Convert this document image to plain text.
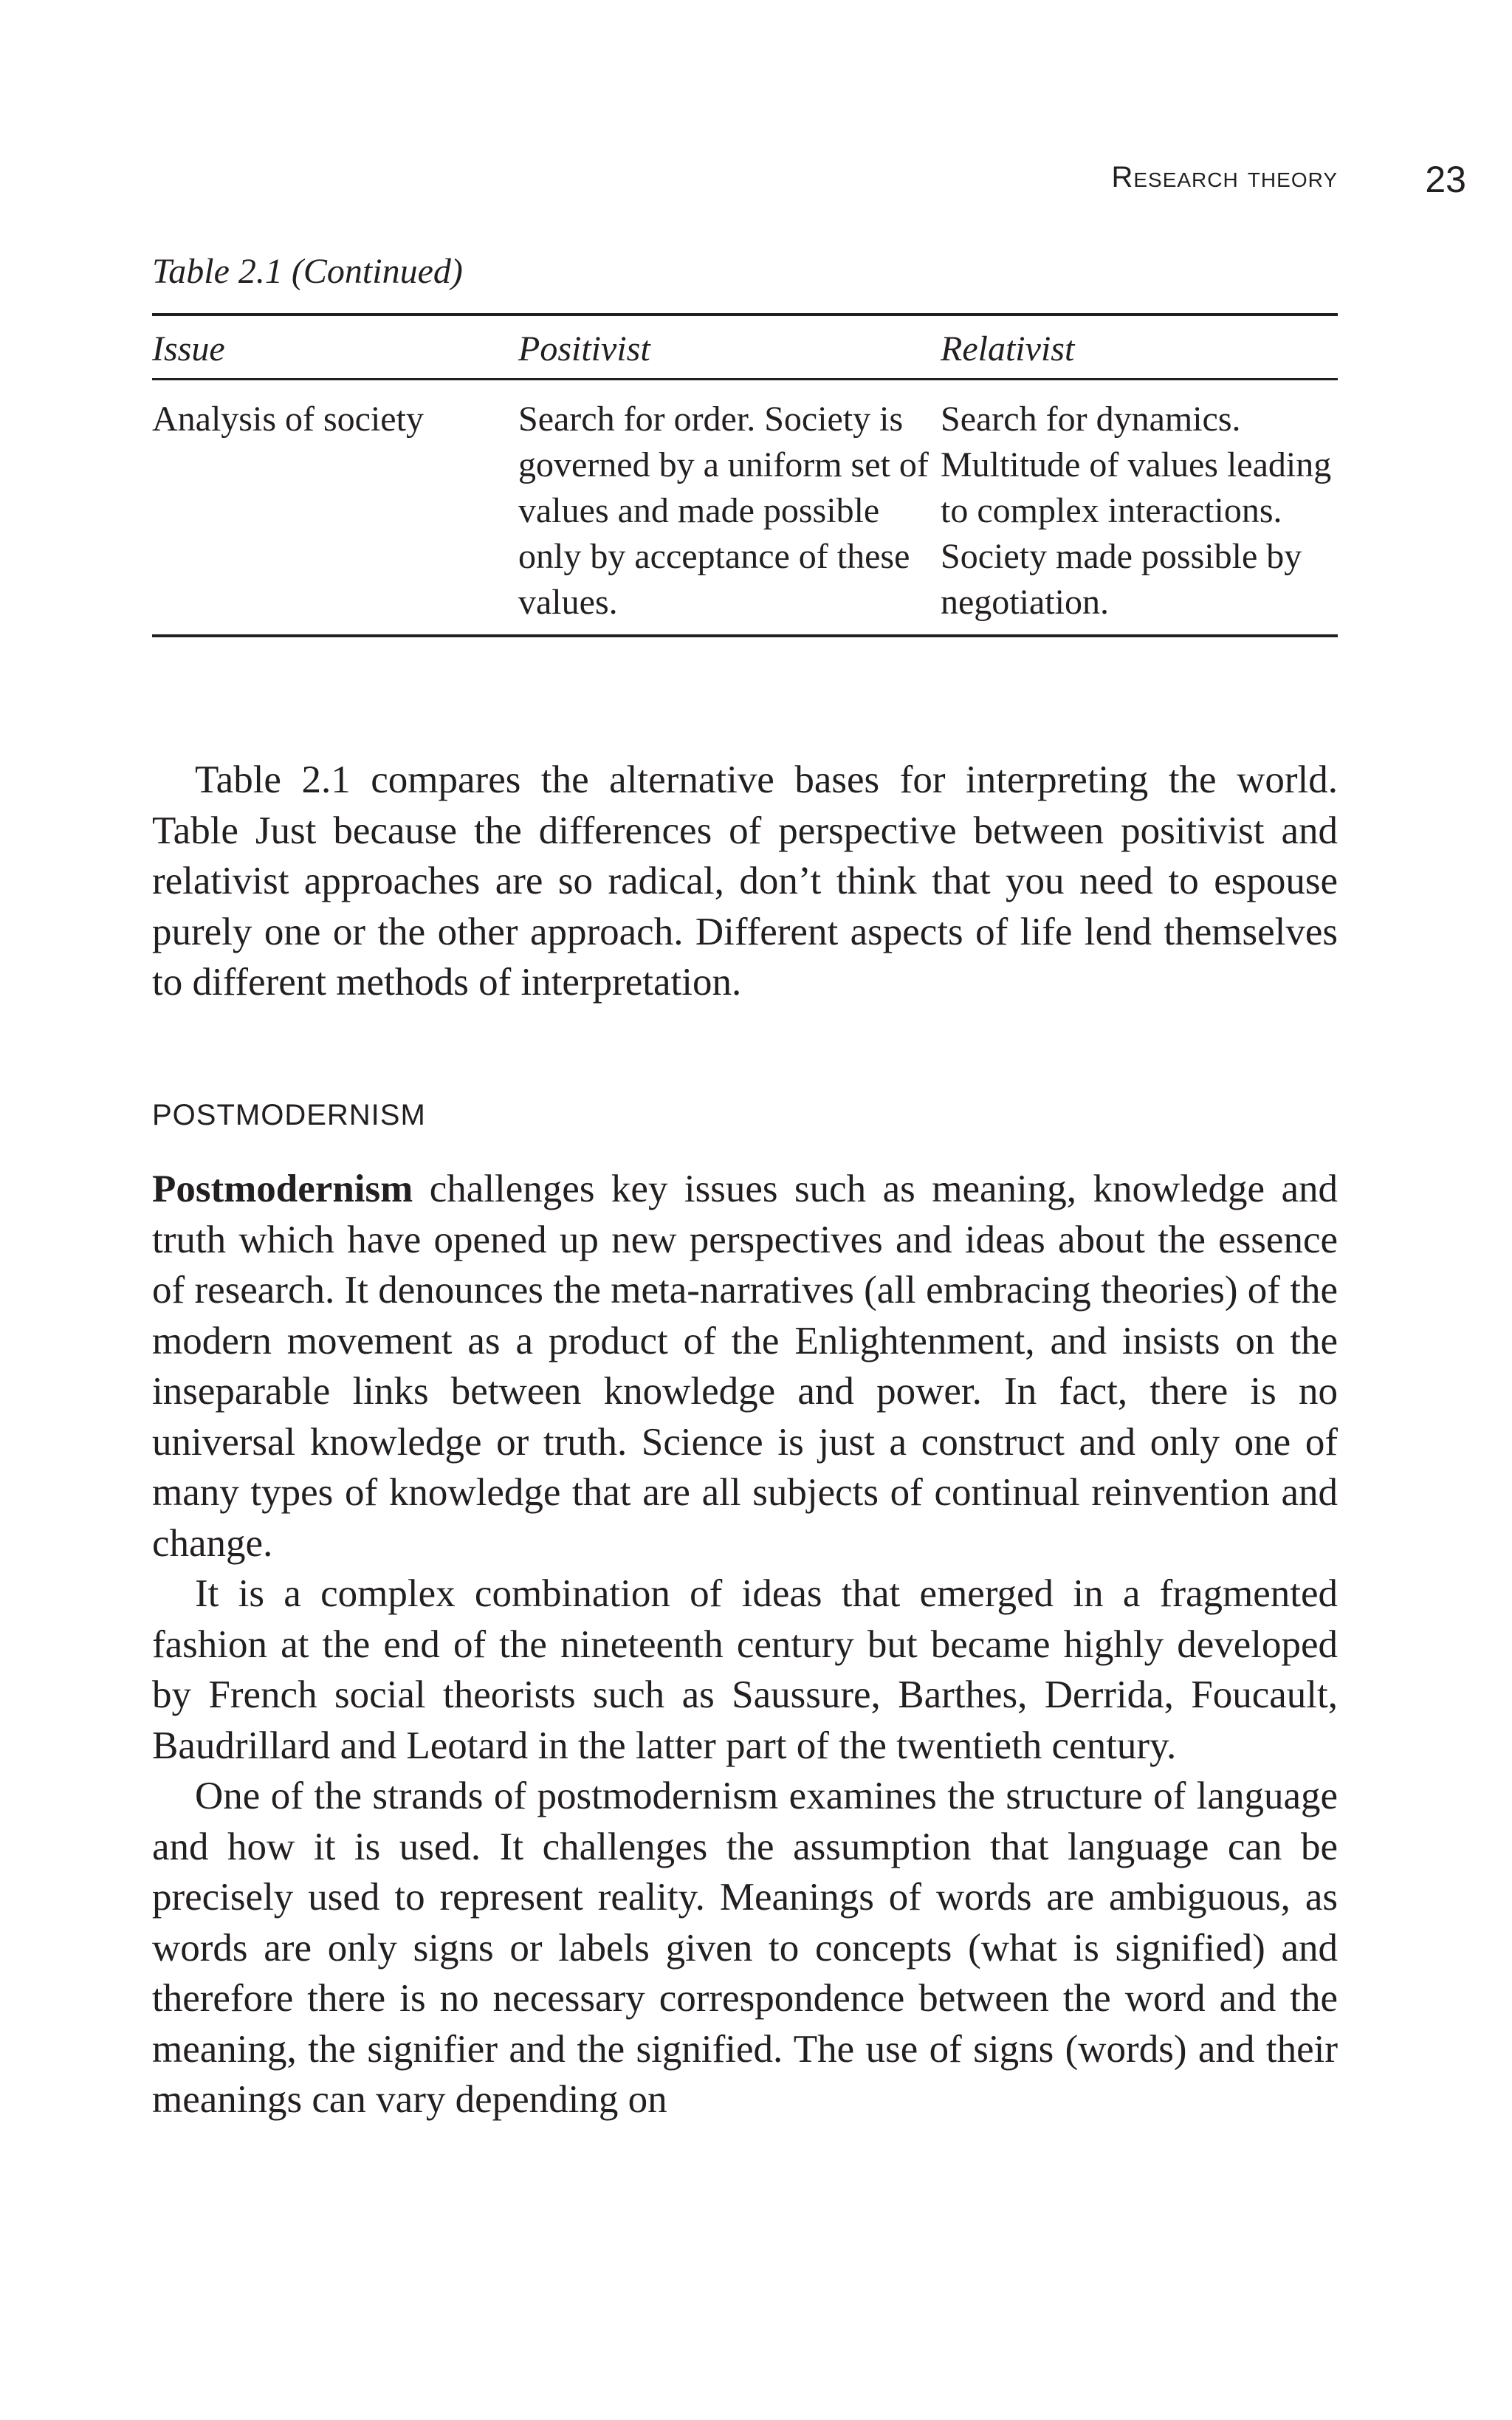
Research theory 23
Table 2.1 (Continued)
Issue	Positivist	Relativist
Analysis of society	Search for order. Society is governed by a uniform set of values and made possible only by acceptance of these values.	Search for dynamics. Multitude of values leading to complex interactions. Society made possible by negotiation.

Table 2.1 compares the alternative bases for interpreting the world. Table Just because the differences of perspective between positivist and relativist approaches are so radical, don’t think that you need to espouse purely one or the other approach. Different aspects of life lend themselves to different methods of interpretation.

POSTMODERNISM

Postmodernism challenges key issues such as meaning, knowledge and truth which have opened up new perspectives and ideas about the essence of research. It denounces the meta-narratives (all embracing theories) of the modern movement as a product of the Enlightenment, and insists on the inseparable links between knowledge and power. In fact, there is no universal knowledge or truth. Science is just a construct and only one of many types of knowledge that are all subjects of continual reinvention and change.

It is a complex combination of ideas that emerged in a fragmented fashion at the end of the nineteenth century but became highly developed by French social theorists such as Saussure, Barthes, Derrida, Foucault, Baudrillard and Leotard in the latter part of the twentieth century.

One of the strands of postmodernism examines the structure of language and how it is used. It challenges the assumption that language can be precisely used to represent reality. Meanings of words are ambiguous, as words are only signs or labels given to concepts (what is signified) and therefore there is no necessary correspondence between the word and the meaning, the signifier and the signified. The use of signs (words) and their meanings can vary depending on
